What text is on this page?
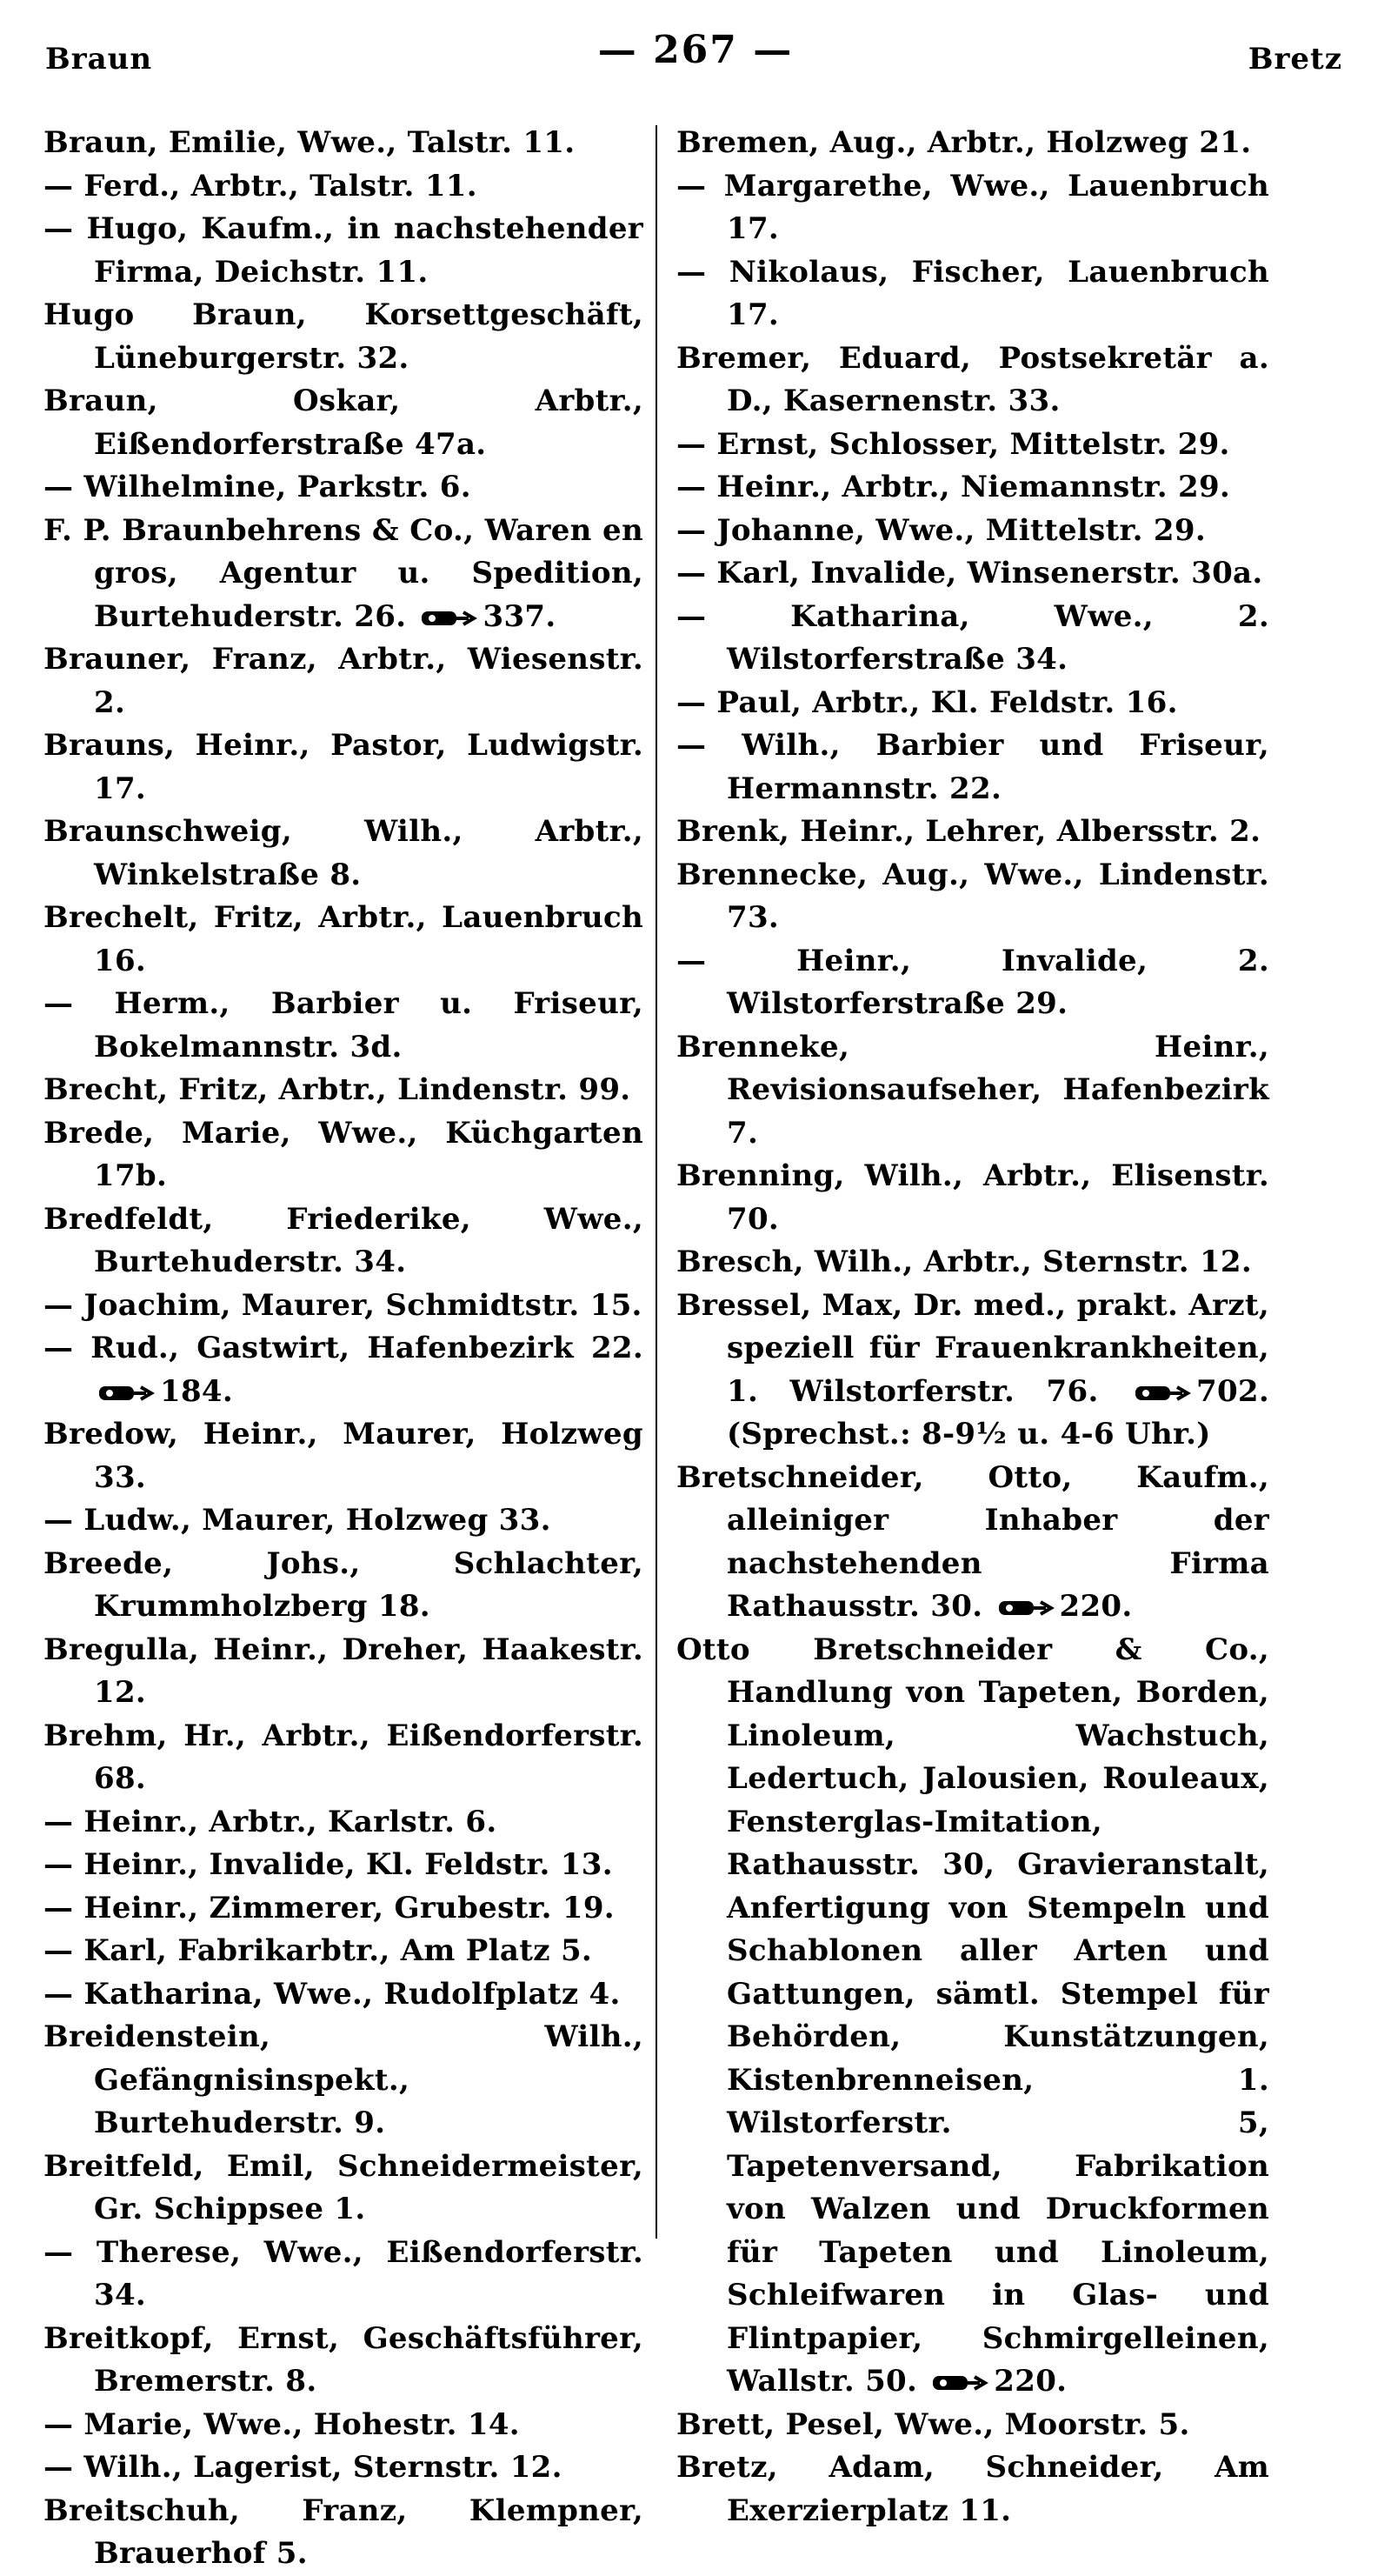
Braun	— 267 —	Bretz
Braun, Emilie, Wwe., Talstr. 11.
— Ferd., Arbtr., Talstr. 11.
— Hugo, Kaufm., in nachstehender Firma, Deichstr. 11.
Hugo Braun, Korsettgeschäft, Lüneburgerstr. 32.
Braun, Oskar, Arbtr., Eißendorferstraße 47a.
— Wilhelmine, Parkstr. 6.
F. P. Braunbehrens & Co., Waren en gros, Agentur u. Spedition, Burtehuderstr. 26.	337.
Brauner, Franz, Arbtr., Wiesenstr. 2.
Brauns, Heinr., Pastor, Ludwigstr. 17.
Braunschweig, Wilh., Arbtr., Winkelstraße 8.
Brechelt, Fritz, Arbtr., Lauenbruch 16.
— Herm., Barbier u. Friseur, Bokelmannstr. 3d.
Brecht, Fritz, Arbtr., Lindenstr. 99.
Brede, Marie, Wwe., Küchgarten 17b.
Bredfeldt, Friederike, Wwe., Burtehuderstr. 34.
— Joachim, Maurer, Schmidtstr. 15.
— Rud., Gastwirt, Hafenbezirk 22. 184.
Bredow, Heinr., Maurer, Holzweg 33.
— Ludw., Maurer, Holzweg 33.
Breede, Johs., Schlachter, Krummholzberg 18.
Bregulla, Heinr., Dreher, Haakestr. 12.
Brehm, Hr., Arbtr., Eißendorferstr. 68.
— Heinr., Arbtr., Karlstr. 6.
— Heinr., Invalide, Kl. Feldstr. 13.
— Heinr., Zimmerer, Grubestr. 19.
— Karl, Fabrikarbtr., Am Platz 5.
— Katharina, Wwe., Rudolfplatz 4.
Breidenstein, Wilh., Gefängnisinspekt., Burtehuderstr. 9.
Breitfeld, Emil, Schneidermeister, Gr. Schippsee 1.
— Therese, Wwe., Eißendorferstr. 34.
Breitkopf, Ernst, Geschäftsführer, Bremerstr. 8.
— Marie, Wwe., Hohestr. 14.
— Wilh., Lagerist, Sternstr. 12.
Breitschuh, Franz, Klempner, Brauerhof 5.
Bremen, Aug., Arbtr., Holzweg 21.
— Margarethe, Wwe., Lauenbruch 17.
— Nikolaus, Fischer, Lauenbruch 17.
Bremer, Eduard, Postsekretär a. D., Kasernenstr. 33.
— Ernst, Schlosser, Mittelstr. 29.
— Heinr., Arbtr., Niemannstr. 29.
— Johanne, Wwe., Mittelstr. 29.
— Karl, Invalide, Winsenerstr. 30a.
— Katharina, Wwe., 2. Wilstorferstraße 34.
— Paul, Arbtr., Kl. Feldstr. 16.
— Wilh., Barbier und Friseur, Hermannstr. 22.
Brenk, Heinr., Lehrer, Albersstr. 2.
Brennecke, Aug., Wwe., Lindenstr. 73.
— Heinr., Invalide, 2. Wilstorferstraße 29.
Brenneke, Heinr., Revisionsaufseher, Hafenbezirk 7.
Brenning, Wilh., Arbtr., Elisenstr. 70.
Bresch, Wilh., Arbtr., Sternstr. 12.
Bressel, Max, Dr. med., prakt. Arzt, speziell für Frauenkrankheiten, 1. Wilstorferstr. 76.	702. (Sprechst.: 8-9½ u. 4-6 Uhr.)
Bretschneider, Otto, Kaufm., alleiniger Inhaber der nachstehenden Firma Rathausstr. 30.	220.
Otto Bretschneider & Co., Handlung von Tapeten, Borden, Linoleum, Wachstuch, Ledertuch, Jalousien, Rouleaux, Fensterglas-Imitation, Rathausstr. 30, Gravieranstalt, Anfertigung von Stempeln und Schablonen aller Arten und Gattungen, sämtl. Stempel für Behörden, Kunstätzungen, Kistenbrenneisen, 1. Wilstorferstr. 5, Tapetenversand, Fabrikation von Walzen und Druckformen für Tapeten und Linoleum, Schleifwaren in Glas- und Flintpapier, Schmirgelleinen, Wallstr. 50.	220.
Brett, Pesel, Wwe., Moorstr. 5.
Bretz, Adam, Schneider, Am Exerzierplatz 11.
